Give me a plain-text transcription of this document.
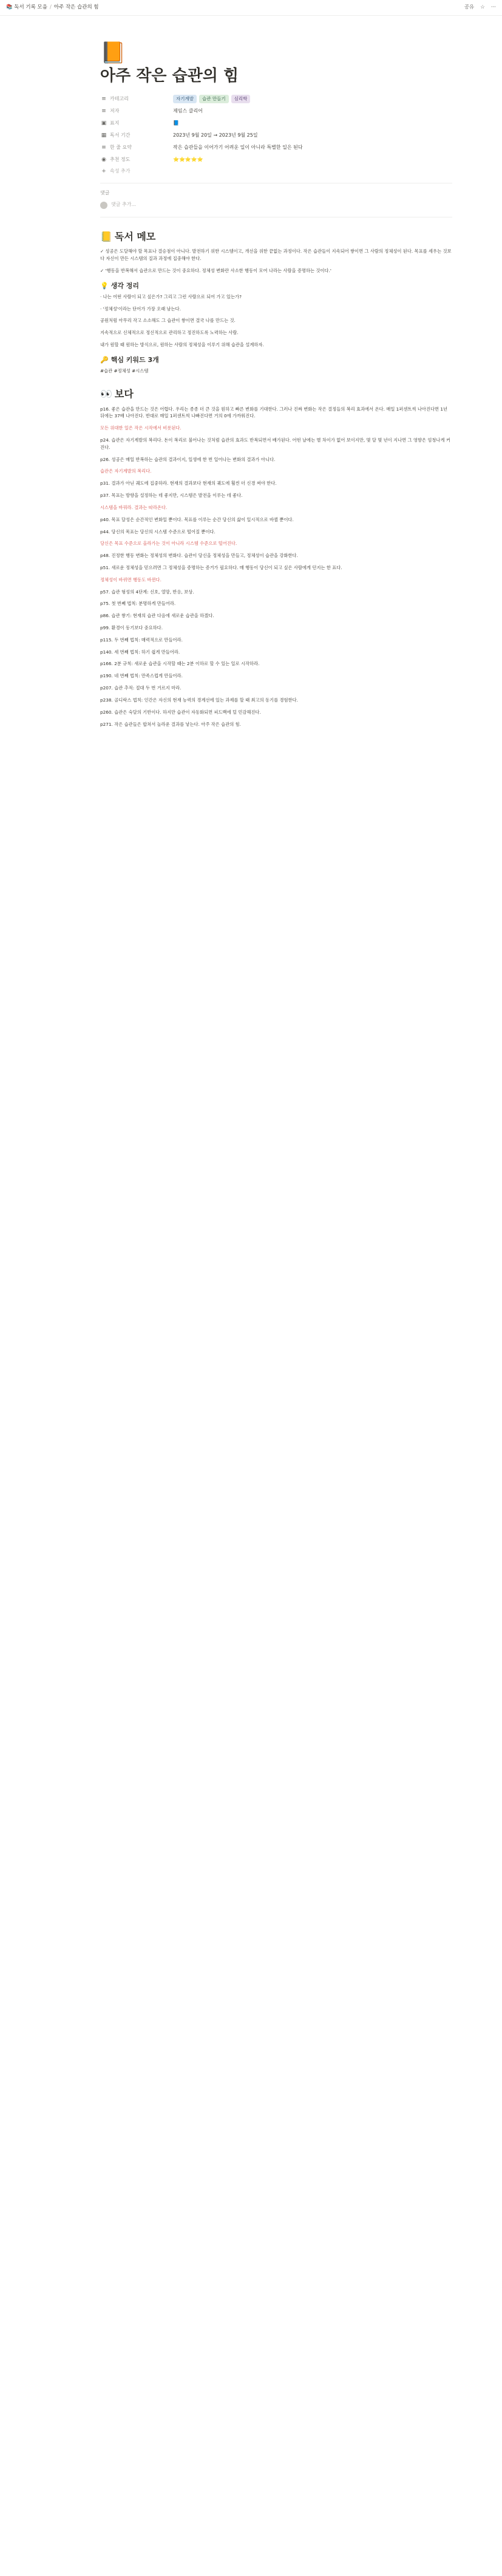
📚 독서 기록 모음 / 아주 작은 습관의 힘	공유 ☆ ···
📙
아주 작은 습관의 힘
≡ 카테고리	자기계발	습관 만들기	심리학
≡ 저자	제임스 클리어
▣ 표지	📘
▦ 독서 기간	2023년 9월 20일 → 2023년 9월 25일
≡ 한 줄 요약	작은 습관들을 이어가기 어려운 일이 아니라 특별한 일은 된다
◉ 추천 정도	⭐⭐⭐⭐⭐
+ 속성 추가
댓글
댓글 추가...
📒 독서 메모
✓ 성공은 도달해야 할 목표나 결승점이 아니다. 발전하기 위한 시스템이고, 개선을 위한 끝없는 과정이다. 작은 습관들이 지속되어 쌓이면 그 사람의 정체성이 된다. 목표를 세우는 것보다 자신이 만든 시스템의 질과 과정에 집중해야 한다.
✓ '행동을 반복해서 습관으로 만드는 것이 중요하다. 정체성 변화란 사소한 행동이 모여 나라는 사람을 증명하는 것이다.'
💡 생각 정리
· 나는 어떤 사람이 되고 싶은가? 그리고 그런 사람으로 되어 가고 있는가?
· '정체성'이라는 단어가 가장 오래 남는다.
공원처럼 아무리 작고 소소해도 그 습관이 쌓이면 결국 나를 만드는 것.
지속적으로 신체적으로 정신적으로 관리하고 정진하도록 노력하는 사람.
내가 원할 때 원하는 방식으로, 원하는 사람의 정체성을 이루기 위해 습관을 설계하자.
🔑 핵심 키워드 3개
#습관 #정체성 #시스템
👀 보다
p16. 좋은 습관을 만드는 것은 어렵다. 우리는 종종 더 큰 것을 원하고 빠른 변화를 기대한다. 그러나 진짜 변화는 작은 결정들의 복리 효과에서 온다. 매일 1퍼센트씩 나아진다면 1년 뒤에는 37배 나아진다. 반대로 매일 1퍼센트씩 나빠진다면 거의 0에 가까워진다.
모든 위대한 일은 작은 시작에서 비롯된다.
p24. 습관은 자기계발의 복리다. 돈이 복리로 불어나는 것처럼 습관의 효과도 반복되면서 배가된다. 어떤 날에는 별 차이가 없어 보이지만, 몇 달 몇 년이 지나면 그 영향은 엄청나게 커진다.
p26. 성공은 매일 반복하는 습관의 결과이지, 일생에 한 번 일어나는 변화의 결과가 아니다.
습관은 자기계발의 복리다.
p31. 결과가 아닌 궤도에 집중하라. 현재의 결과보다 현재의 궤도에 훨씬 더 신경 써야 한다.
p37. 목표는 방향을 설정하는 데 좋지만, 시스템은 발전을 이루는 데 좋다.
시스템을 바꿔라. 결과는 따라온다.
p40. 목표 달성은 순간적인 변화일 뿐이다. 목표를 이루는 순간 당신의 삶이 일시적으로 바뀔 뿐이다.
p44. 당신의 목표는 당신의 시스템 수준으로 떨어질 뿐이다.
당신은 목표 수준으로 올라가는 것이 아니라 시스템 수준으로 떨어진다.
p48. 진정한 행동 변화는 정체성의 변화다. 습관이 당신을 정체성을 만들고, 정체성이 습관을 강화한다.
p51. 새로운 정체성을 믿으려면 그 정체성을 증명하는 증거가 필요하다. 매 행동이 당신이 되고 싶은 사람에게 던지는 한 표다.
정체성이 바뀌면 행동도 바뀐다.
p57. 습관 형성의 4단계: 신호, 열망, 반응, 보상.
p75. 첫 번째 법칙: 분명하게 만들어라.
p86. 습관 쌓기: 현재의 습관 다음에 새로운 습관을 하겠다.
p99. 환경이 동기보다 중요하다.
p115. 두 번째 법칙: 매력적으로 만들어라.
p140. 세 번째 법칙: 하기 쉽게 만들어라.
p166. 2분 규칙: 새로운 습관을 시작할 때는 2분 이하로 할 수 있는 일로 시작하라.
p190. 네 번째 법칙: 만족스럽게 만들어라.
p207. 습관 추적: 절대 두 번 거르지 마라.
p238. 골디락스 법칙: 인간은 자신의 현재 능력의 경계선에 있는 과제를 할 때 최고의 동기를 경험한다.
p260. 습관은 숙달의 기반이다. 하지만 습관이 자동화되면 피드백에 덜 민감해진다.
p271. 작은 습관들은 합쳐서 놀라운 결과를 낳는다. 아주 작은 습관의 힘.
